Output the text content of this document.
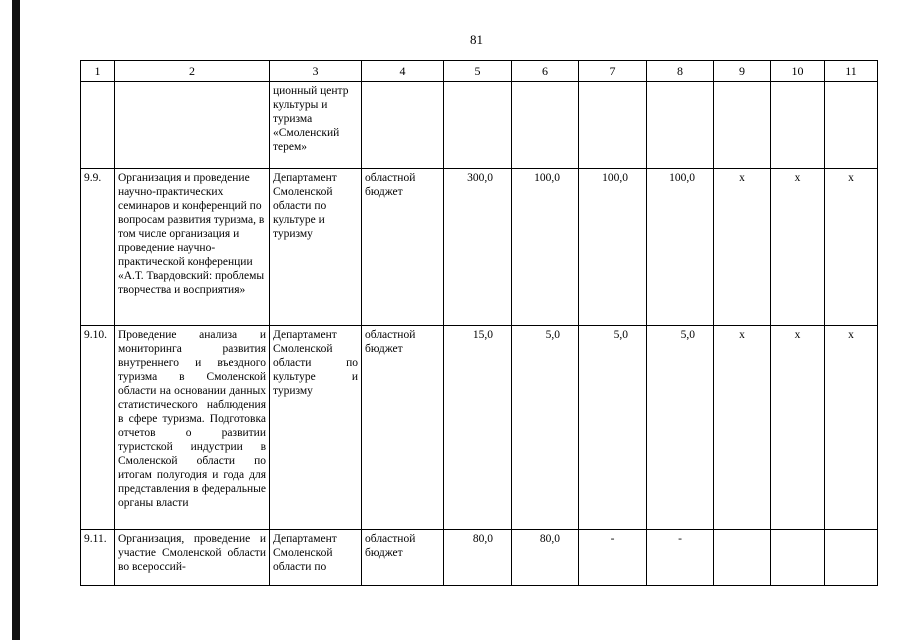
81
1	2	3	4	5	6	7	8	9	10	11
		ционный центр культуры и туризма «Смоленский терем»								
9.9.	Организация и проведение научно-практических семинаров и конференций по вопросам развития туризма, в том числе организация и проведение научно-практической конференции «А.Т. Твардовский: проблемы творчества и восприятия»	Департамент Смоленской области по культуре и туризму	областной бюджет	300,0	100,0	100,0	100,0	x	x	x
9.10.	Проведение анализа и мониторинга развития внутреннего и въездного туризма в Смоленской области на основании данных статистического наблюдения в сфере туризма. Подготовка отчетов о развитии туристской индустрии в Смоленской области по итогам полугодия и года для представления в федеральные органы власти	Департамент Смоленской области по культуре и туризму	областной бюджет	15,0	5,0	5,0	5,0	x	x	x
9.11.	Организация, проведение и участие Смоленской области во всероссий-	Департамент Смоленской области по	областной бюджет	80,0	80,0	-	-			
